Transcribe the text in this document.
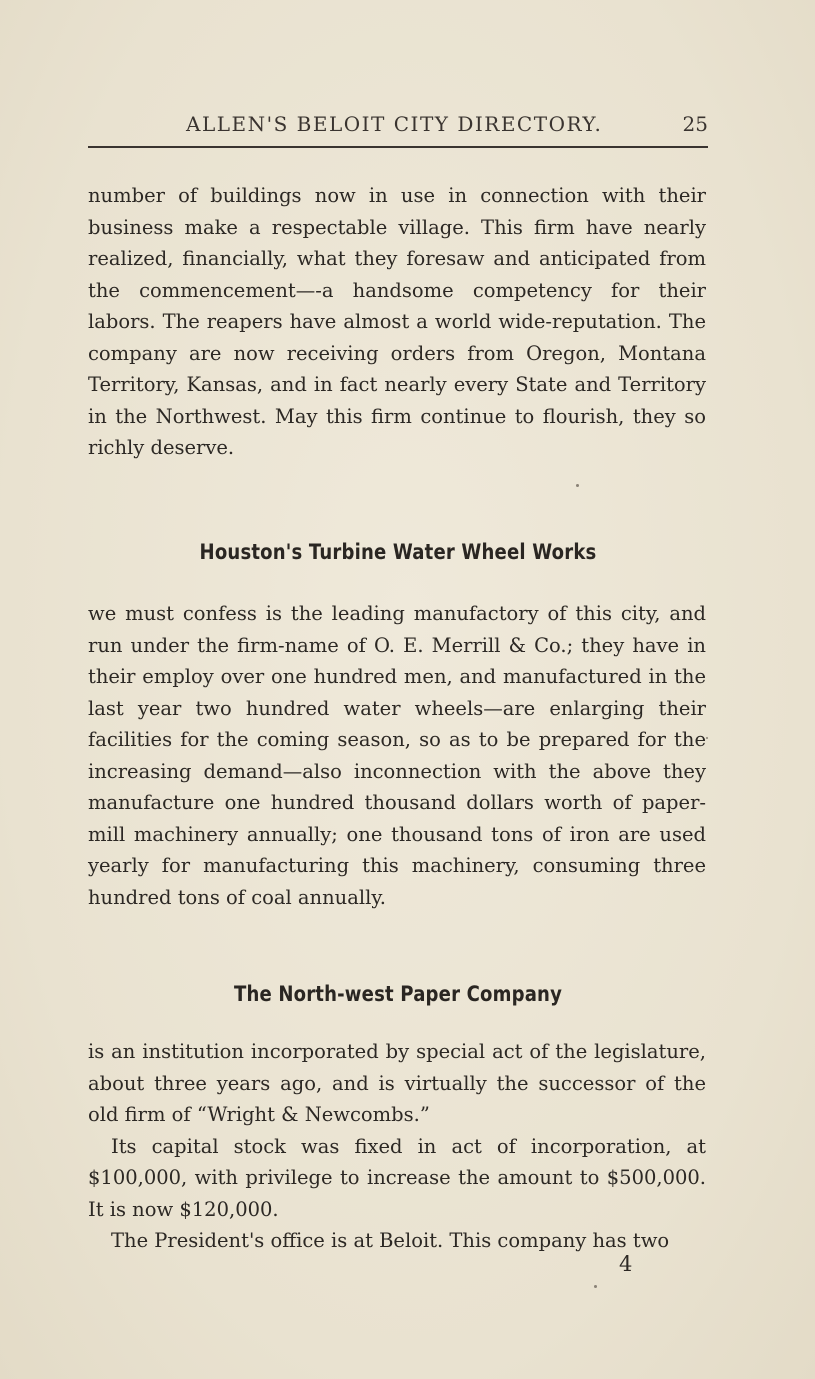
ALLEN'S BELOIT CITY DIRECTORY.	25

number of buildings now in use in connection with their business make a respectable village. This firm have nearly realized, financially, what they foresaw and anticipated from the commencement—-a handsome competency for their labors. The reapers have almost a world wide-reputation. The company are now receiving orders from Oregon, Montana Territory, Kansas, and in fact nearly every State and Territory in the Northwest. May this firm continue to flourish, they so richly deserve.

Houston's Turbine Water Wheel Works

we must confess is the leading manufactory of this city, and run under the firm-name of O. E. Merrill & Co.; they have in their employ over one hundred men, and manufactured in the last year two hundred water wheels—are enlarging their facilities for the coming season, so as to be prepared for the increasing demand—also inconnection with the above they manufacture one hundred thousand dollars worth of paper-mill machinery annually; one thousand tons of iron are used yearly for manufacturing this machinery, consuming three hundred tons of coal annually.

The North-west Paper Company

is an institution incorporated by special act of the legislature, about three years ago, and is virtually the successor of the old firm of “Wright & Newcombs.”

Its capital stock was fixed in act of incorporation, at $100,000, with privilege to increase the amount to $500,000. It is now $120,000.

The President's office is at Beloit. This company has two

4
